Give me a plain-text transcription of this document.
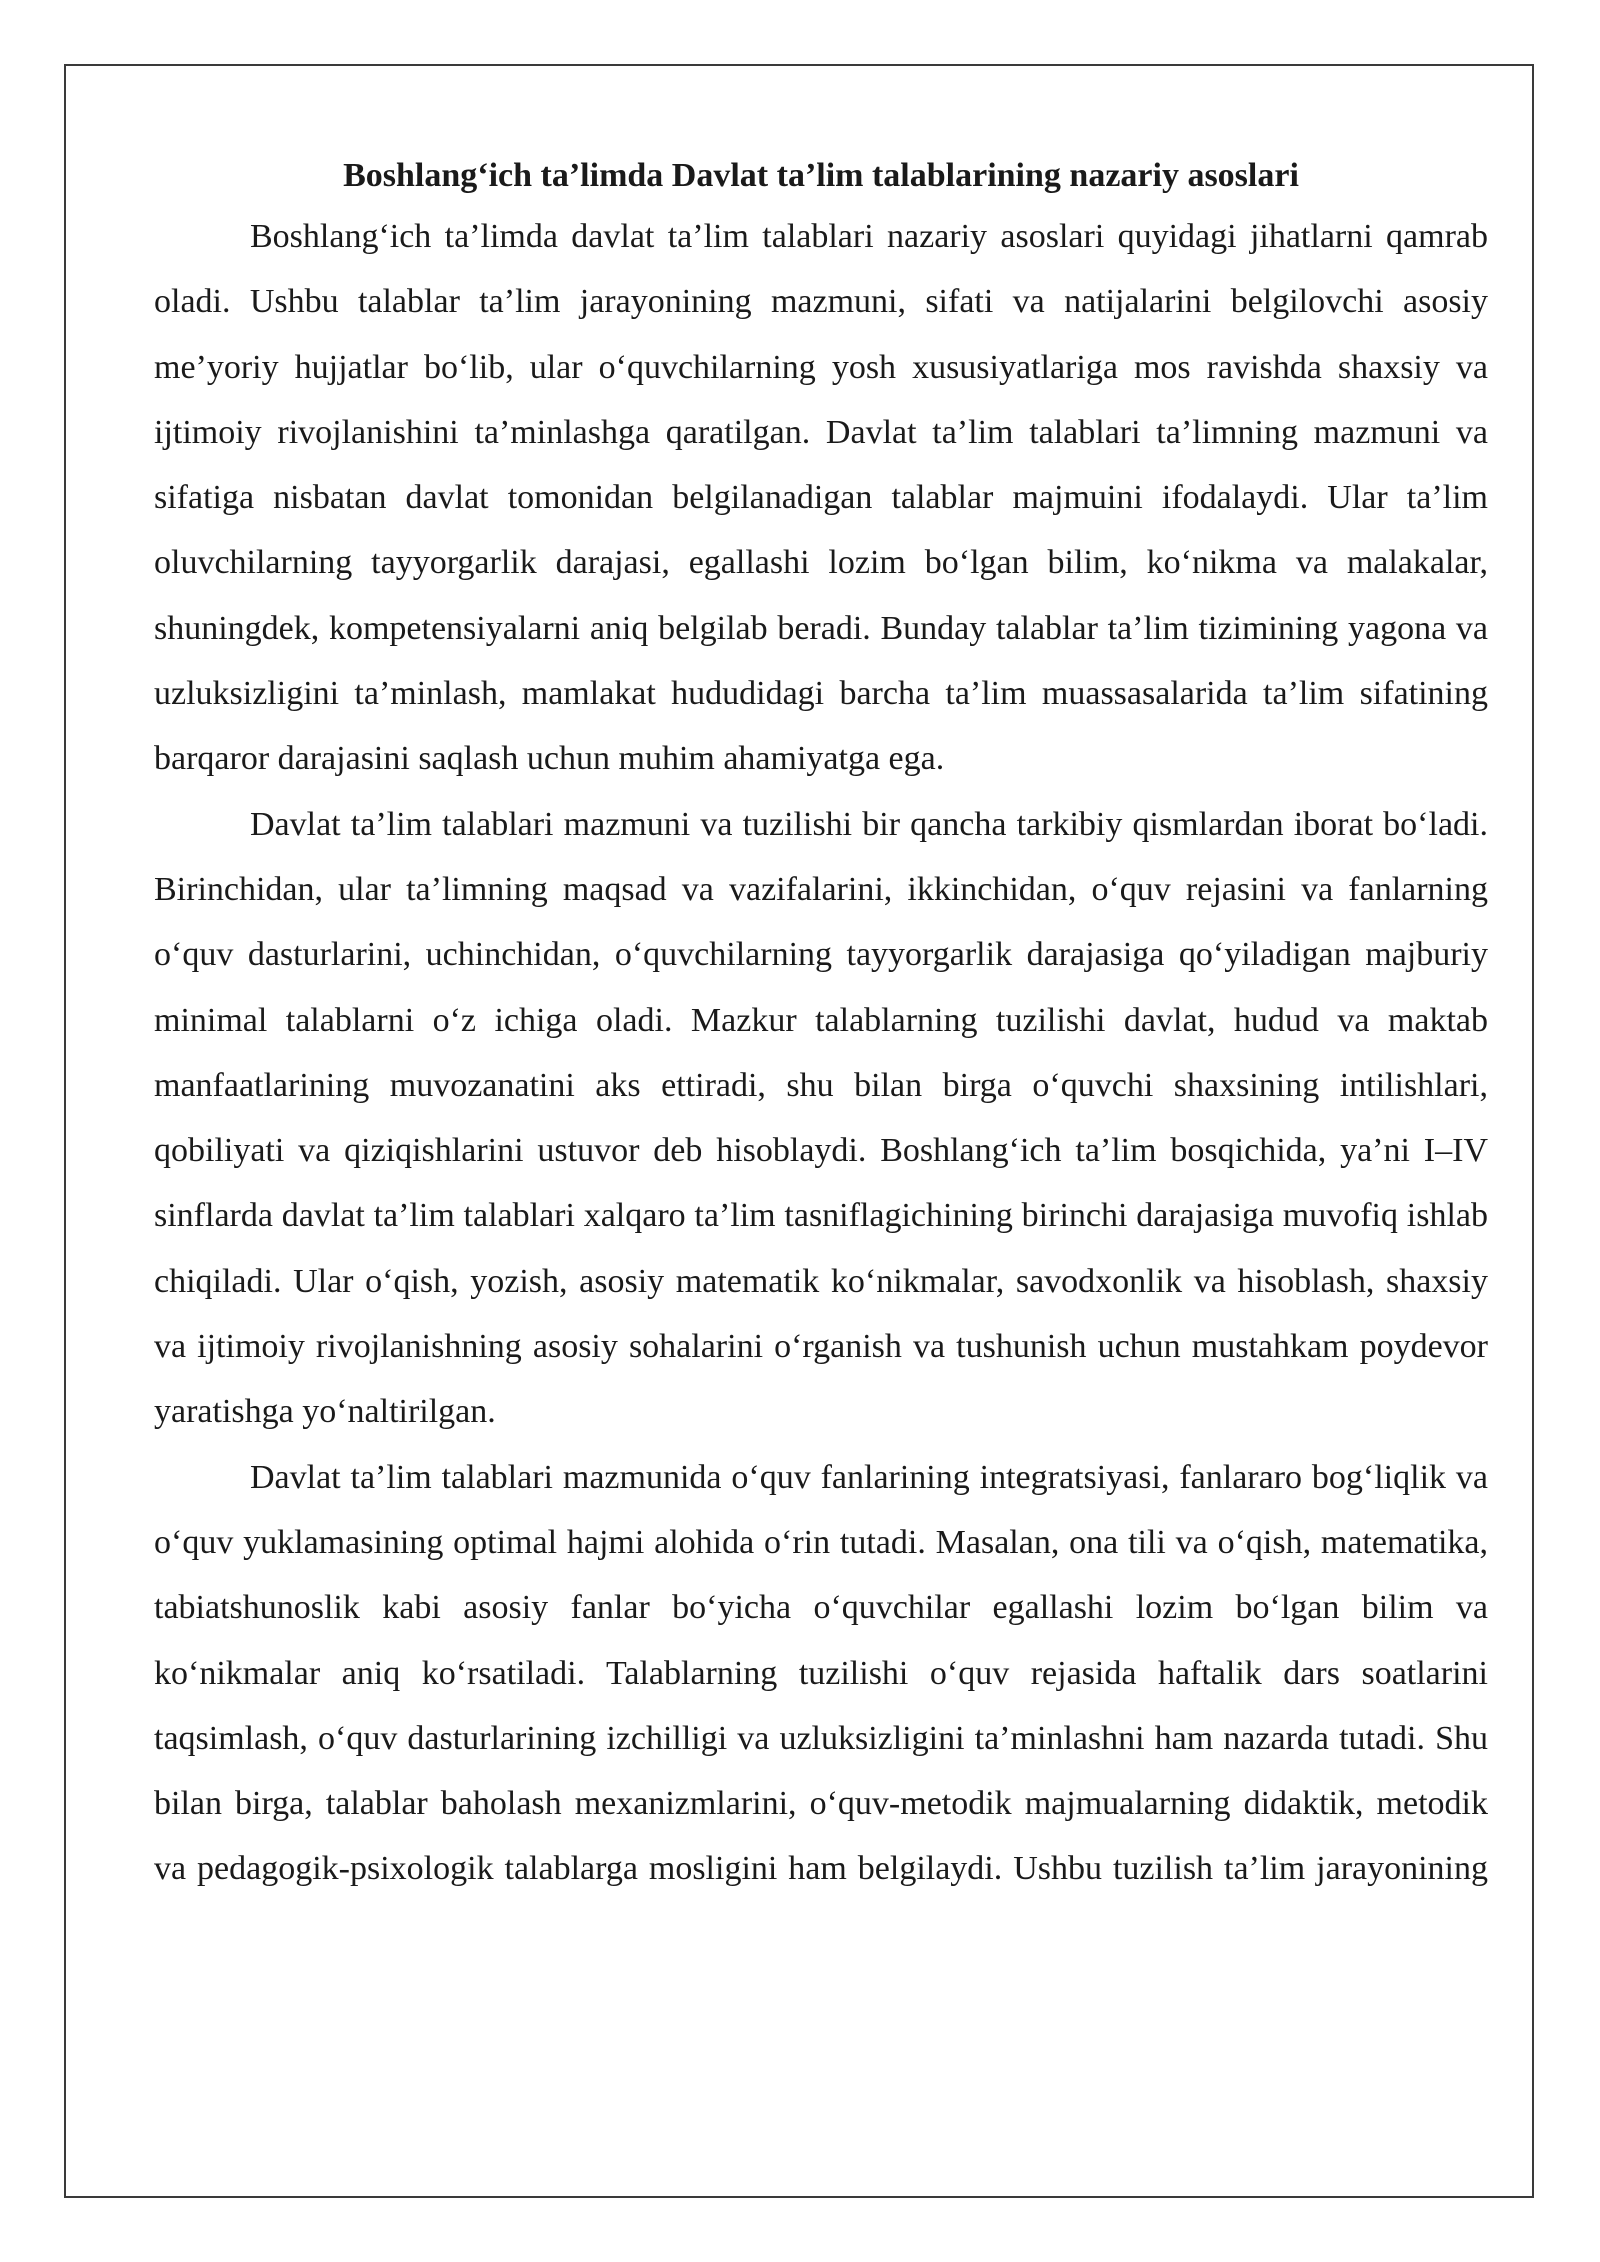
Boshlang‘ich ta’limda Davlat ta’lim talablarining nazariy asoslari

Boshlang‘ich ta’limda davlat ta’lim talablari nazariy asoslari quyidagi jihatlarni qamrab oladi. Ushbu talablar ta’lim jarayonining mazmuni, sifati va natijalarini belgilovchi asosiy me’yoriy hujjatlar bo‘lib, ular o‘quvchilarning yosh xususiyatlariga mos ravishda shaxsiy va ijtimoiy rivojlanishini ta’minlashga qaratilgan. Davlat ta’lim talablari ta’limning mazmuni va sifatiga nisbatan davlat tomonidan belgilanadigan talablar majmuini ifodalaydi. Ular ta’lim oluvchilarning tayyorgarlik darajasi, egallashi lozim bo‘lgan bilim, ko‘nikma va malakalar, shuningdek, kompetensiyalarni aniq belgilab beradi. Bunday talablar ta’lim tizimining yagona va uzluksizligini ta’minlash, mamlakat hududidagi barcha ta’lim muassasalarida ta’lim sifatining barqaror darajasini saqlash uchun muhim ahamiyatga ega.

Davlat ta’lim talablari mazmuni va tuzilishi bir qancha tarkibiy qismlardan iborat bo‘ladi. Birinchidan, ular ta’limning maqsad va vazifalarini, ikkinchidan, o‘quv rejasini va fanlarning o‘quv dasturlarini, uchinchidan, o‘quvchilarning tayyorgarlik darajasiga qo‘yiladigan majburiy minimal talablarni o‘z ichiga oladi. Mazkur talablarning tuzilishi davlat, hudud va maktab manfaatlarining muvozanatini aks ettiradi, shu bilan birga o‘quvchi shaxsining intilishlari, qobiliyati va qiziqishlarini ustuvor deb hisoblaydi. Boshlang‘ich ta’lim bosqichida, ya’ni I–IV sinflarda davlat ta’lim talablari xalqaro ta’lim tasniflagichining birinchi darajasiga muvofiq ishlab chiqiladi. Ular o‘qish, yozish, asosiy matematik ko‘nikmalar, savodxonlik va hisoblash, shaxsiy va ijtimoiy rivojlanishning asosiy sohalarini o‘rganish va tushunish uchun mustahkam poydevor yaratishga yo‘naltirilgan.

Davlat ta’lim talablari mazmunida o‘quv fanlarining integratsiyasi, fanlararo bog‘liqlik va o‘quv yuklamasining optimal hajmi alohida o‘rin tutadi. Masalan, ona tili va o‘qish, matematika, tabiatshunoslik kabi asosiy fanlar bo‘yicha o‘quvchilar egallashi lozim bo‘lgan bilim va ko‘nikmalar aniq ko‘rsatiladi. Talablarning tuzilishi o‘quv rejasida haftalik dars soatlarini taqsimlash, o‘quv dasturlarining izchilligi va uzluksizligini ta’minlashni ham nazarda tutadi. Shu bilan birga, talablar baholash mexanizmlarini, o‘quv-metodik majmualarning didaktik, metodik va pedagogik-psixologik talablarga mosligini ham belgilaydi. Ushbu tuzilish ta’lim jarayonining
